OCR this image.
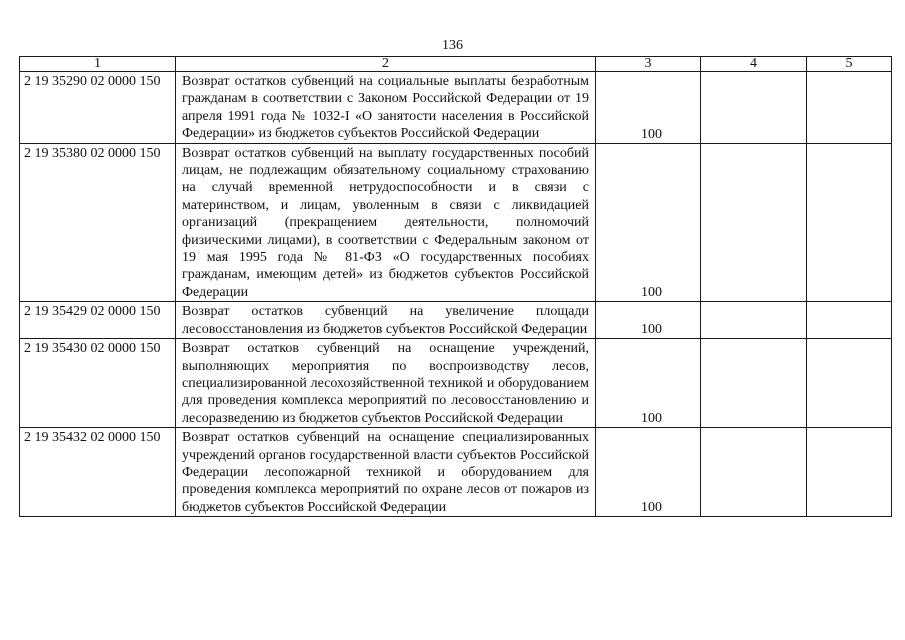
136
1	2	3	4	5
2 19 35290 02 0000 150	Возврат остатков субвенций на социальные выплаты безработным гражданам в соответствии с Законом Российской Федерации от 19 апреля 1991 года № 1032-I «О занятости населения в Российской Федерации» из бюджетов субъектов Российской Федерации	100		
2 19 35380 02 0000 150	Возврат остатков субвенций на выплату государственных пособий лицам, не подлежащим обязательному социальному страхованию на случай временной нетрудоспособности и в связи с материнством, и лицам, уволенным в связи с ликвидацией организаций (прекращением деятельности, полномочий физическими лицами), в соответствии с Федеральным законом от 19 мая 1995 года № 81-ФЗ «О государственных пособиях гражданам, имеющим детей» из бюджетов субъектов Российской Федерации	100		
2 19 35429 02 0000 150	Возврат остатков субвенций на увеличение площади лесовосстановления из бюджетов субъектов Российской Федерации	100		
2 19 35430 02 0000 150	Возврат остатков субвенций на оснащение учреждений, выполняющих мероприятия по воспроизводству лесов, специализированной лесохозяйственной техникой и оборудованием для проведения комплекса мероприятий по лесовосстановлению и лесоразведению из бюджетов субъектов Российской Федерации	100		
2 19 35432 02 0000 150	Возврат остатков субвенций на оснащение специализированных учреждений органов государственной власти субъектов Российской Федерации лесопожарной техникой и оборудованием для проведения комплекса мероприятий по охране лесов от пожаров из бюджетов субъектов Российской Федерации	100		
